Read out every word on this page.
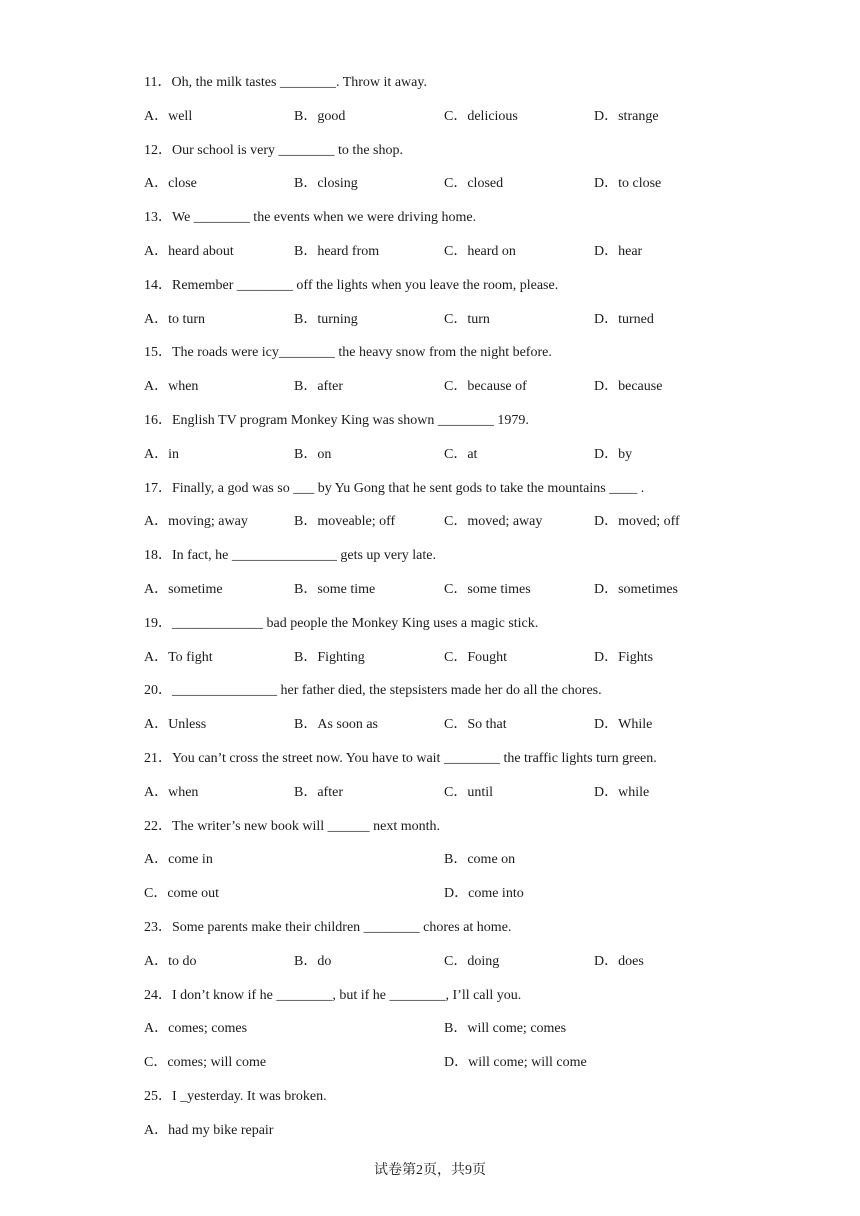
11．Oh, the milk tastes ________. Throw it away.
A．well	B．good	C．delicious	D．strange
12．Our school is very ________ to the shop.
A．close	B．closing	C．closed	D．to close
13．We ________ the events when we were driving home.
A．heard about	B．heard from	C．heard on	D．hear
14．Remember ________ off the lights when you leave the room, please.
A．to turn	B．turning	C．turn	D．turned
15．The roads were icy________ the heavy snow from the night before.
A．when	B．after	C．because of	D．because
16．English TV program Monkey King was shown ________ 1979.
A．in	B．on	C．at	D．by
17．Finally, a god was so ___ by Yu Gong that he sent gods to take the mountains ____ .
A．moving; away	B．moveable; off	C．moved; away	D．moved; off
18．In fact, he _______________ gets up very late.
A．sometime	B．some time	C．some times	D．sometimes
19．_____________ bad people the Monkey King uses a magic stick.
A．To fight	B．Fighting	C．Fought	D．Fights
20．_______________ her father died, the stepsisters made her do all the chores.
A．Unless	B．As soon as	C．So that	D．While
21．You can’t cross the street now. You have to wait ________ the traffic lights turn green.
A．when	B．after	C．until	D．while
22．The writer’s new book will ______ next month.
A．come in	B．come on
C．come out	D．come into
23．Some parents make their children ________ chores at home.
A．to do	B．do	C．doing	D．does
24．I don’t know if he ________, but if he ________, I’ll call you.
A．comes; comes	B．will come; comes
C．comes; will come	D．will come; will come
25．I _yesterday. It was broken.
A．had my bike repair
试卷第2页，共9页
